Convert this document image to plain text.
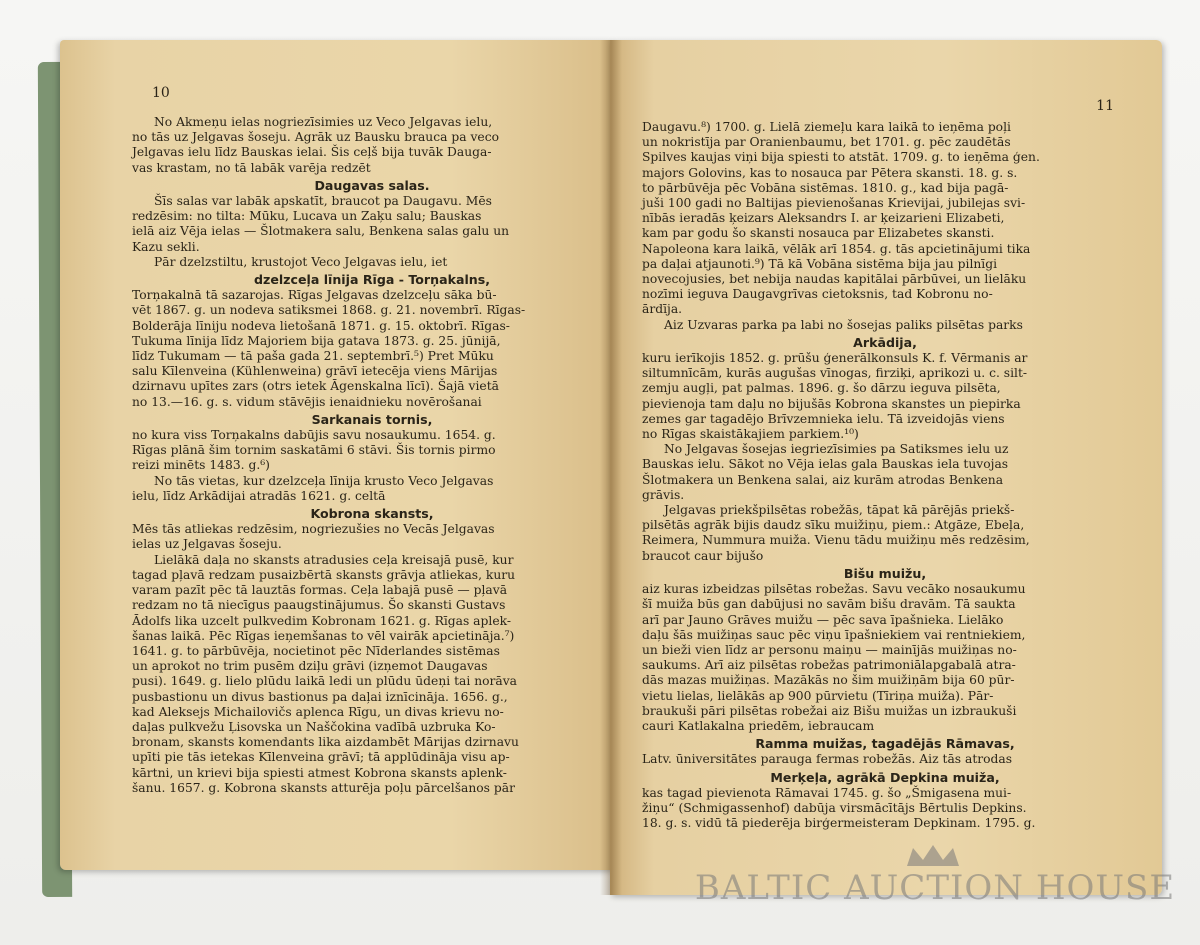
10

No Akmeņu ielas nogriezīsimies uz Veco Jelgavas ielu,

no tās uz Jelgavas šoseju. Agrāk uz Bausku brauca pa veco

Jelgavas ielu līdz Bauskas ielai. Šis ceļš bija tuvāk Dauga-

vas krastam, no tā labāk varēja redzēt

Daugavas salas.

Šīs salas var labāk apskatīt, braucot pa Daugavu. Mēs

redzēsim: no tilta: Mūku, Lucava un Zaķu salu; Bauskas

ielā aiz Vēja ielas — Šlotmakera salu, Benkena salas galu un

Kazu sekli.

Pār dzelzstiltu, krustojot Veco Jelgavas ielu, iet

dzelzceļa līnija Rīga - Torņakalns,

Torņakalnā tā sazarojas. Rīgas Jelgavas dzelzceļu sāka bū-

vēt 1867. g. un nodeva satiksmei 1868. g. 21. novembrī. Rīgas-

Bolderāja līniju nodeva lietošanā 1871. g. 15. oktobrī. Rīgas-

Tukuma līnija līdz Majoriem bija gatava 1873. g. 25. jūnijā,

līdz Tukumam — tā paša gada 21. septembrī.⁵) Pret Mūku

salu Kīlenveina (Kühlenweina) grāvī ietecēja viens Mārijas

dzirnavu upītes zars (otrs ietek Āgenskalna līcī). Šajā vietā

no 13.—16. g. s. vidum stāvējis ienaidnieku novērošanai

Sarkanais tornis,

no kura viss Torņakalns dabūjis savu nosaukumu. 1654. g.

Rīgas plānā šim tornim saskatāmi 6 stāvi. Šis tornis pirmo

reizi minēts 1483. g.⁶)

No tās vietas, kur dzelzceļa līnija krusto Veco Jelgavas

ielu, līdz Arkādijai atradās 1621. g. celtā

Kobrona skansts,

Mēs tās atliekas redzēsim, nogriezušies no Vecās Jelgavas

ielas uz Jelgavas šoseju.

Lielākā daļa no skansts atradusies ceļa kreisajā pusē, kur

tagad pļavā redzam pusaizbērtā skansts grāvja atliekas, kuru

varam pazīt pēc tā lauztās formas. Ceļa labajā pusē — pļavā

redzam no tā niecīgus paaugstinājumus. Šo skansti Gustavs

Ādolfs lika uzcelt pulkvedim Kobronam 1621. g. Rīgas aplek-

šanas laikā. Pēc Rīgas ieņemšanas to vēl vairāk apcietināja.⁷)

1641. g. to pārbūvēja, nocietinot pēc Nīderlandes sistēmas

un aprokot no trim pusēm dziļu grāvi (izņemot Daugavas

pusi). 1649. g. lielo plūdu laikā ledi un plūdu ūdeņi tai norāva

pusbastionu un divus bastionus pa daļai iznīcināja. 1656. g.,

kad Aleksejs Michailovičs aplenca Rīgu, un divas krievu no-

daļas pulkvežu Ļisovska un Naščokina vadībā uzbruka Ko-

bronam, skansts komendants lika aizdambēt Mārijas dzirnavu

upīti pie tās ietekas Kīlenveina grāvī; tā applūdināja visu ap-

kārtni, un krievi bija spiesti atmest Kobrona skansts aplenk-

šanu. 1657. g. Kobrona skansts atturēja poļu pārcelšanos pār

11

Daugavu.⁸) 1700. g. Lielā ziemeļu kara laikā to ieņēma poļi

un nokristīja par Oranienbaumu, bet 1701. g. pēc zaudētās

Spilves kaujas viņi bija spiesti to atstāt. 1709. g. to ieņēma ģen.

majors Golovins, kas to nosauca par Pētera skansti. 18. g. s.

to pārbūvēja pēc Vobāna sistēmas. 1810. g., kad bija pagā-

juši 100 gadi no Baltijas pievienošanas Krievijai, jubilejas svi-

nībās ieradās ķeizars Aleksandrs I. ar ķeizarieni Elizabeti,

kam par godu šo skansti nosauca par Elizabetes skansti.

Napoleona kara laikā, vēlāk arī 1854. g. tās apcietinājumi tika

pa daļai atjaunoti.⁹) Tā kā Vobāna sistēma bija jau pilnīgi

novecojusies, bet nebija naudas kapitālai pārbūvei, un lielāku

nozīmi ieguva Daugavgrīvas cietoksnis, tad Kobronu no-

ārdīja.

Aiz Uzvaras parka pa labi no šosejas paliks pilsētas parks

Arkādija,

kuru ierīkojis 1852. g. prūšu ģenerālkonsuls K. f. Vērmanis ar

siltumnīcām, kurās augušas vīnogas, firziķi, aprikozi u. c. silt-

zemju augļi, pat palmas. 1896. g. šo dārzu ieguva pilsēta,

pievienoja tam daļu no bijušās Kobrona skanstes un piepirka

zemes gar tagadējo Brīvzemnieka ielu. Tā izveidojās viens

no Rīgas skaistākajiem parkiem.¹⁰)

No Jelgavas šosejas iegriezīsimies pa Satiksmes ielu uz

Bauskas ielu. Sākot no Vēja ielas gala Bauskas iela tuvojas

Šlotmakera un Benkena salai, aiz kurām atrodas Benkena

grāvis.

Jelgavas priekšpilsētas robežās, tāpat kā pārējās priekš-

pilsētās agrāk bijis daudz sīku muižiņu, piem.: Atgāze, Ebeļa,

Reimera, Nummura muiža. Vienu tādu muižiņu mēs redzēsim,

braucot caur bijušo

Bišu muižu,

aiz kuras izbeidzas pilsētas robežas. Savu vecāko nosaukumu

šī muiža būs gan dabūjusi no savām bišu dravām. Tā saukta

arī par Jauno Grāves muižu — pēc sava īpašnieka. Lielāko

daļu šās muižiņas sauc pēc viņu īpašniekiem vai rentniekiem,

un bieži vien līdz ar personu maiņu — mainījās muižiņas no-

saukums. Arī aiz pilsētas robežas patrimoniālapgabalā atra-

dās mazas muižiņas. Mazākās no šim muižiņām bija 60 pūr-

vietu lielas, lielākās ap 900 pūrvietu (Tīriņa muiža). Pār-

braukuši pāri pilsētas robežai aiz Bišu muižas un izbraukuši

cauri Katlakalna priedēm, iebraucam

Ramma muižas, tagadējās Rāmavas,

Latv. ūniversitātes parauga fermas robežās. Aiz tās atrodas

Merķeļa, agrākā Depkina muiža,

kas tagad pievienota Rāmavai 1745. g. šo „Šmigasena mui-

žiņu“ (Schmigassenhof) dabūja virsmācītājs Bērtulis Depkins.

18. g. s. vidū tā piederēja birģermeisteram Depkinam. 1795. g.

BALTIC AUCTION HOUSE
